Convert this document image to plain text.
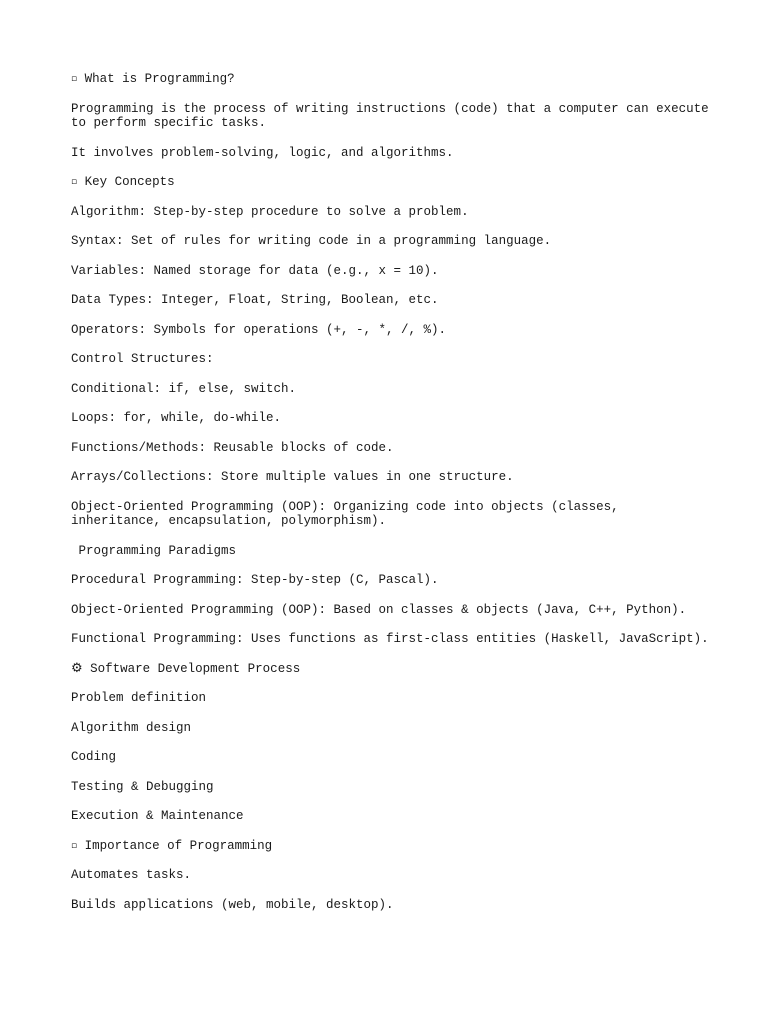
▫ What is Programming?
Programming is the process of writing instructions (code) that a computer can execute to perform specific tasks.
It involves problem-solving, logic, and algorithms.
▫ Key Concepts
Algorithm: Step-by-step procedure to solve a problem.
Syntax: Set of rules for writing code in a programming language.
Variables: Named storage for data (e.g., x = 10).
Data Types: Integer, Float, String, Boolean, etc.
Operators: Symbols for operations (+, -, *, /, %).
Control Structures:
Conditional: if, else, switch.
Loops: for, while, do-while.
Functions/Methods: Reusable blocks of code.
Arrays/Collections: Store multiple values in one structure.
Object-Oriented Programming (OOP): Organizing code into objects (classes, inheritance, encapsulation, polymorphism).
Programming Paradigms
Procedural Programming: Step-by-step (C, Pascal).
Object-Oriented Programming (OOP): Based on classes & objects (Java, C++, Python).
Functional Programming: Uses functions as first-class entities (Haskell, JavaScript).
⚙ Software Development Process
Problem definition
Algorithm design
Coding
Testing & Debugging
Execution & Maintenance
▫ Importance of Programming
Automates tasks.
Builds applications (web, mobile, desktop).
